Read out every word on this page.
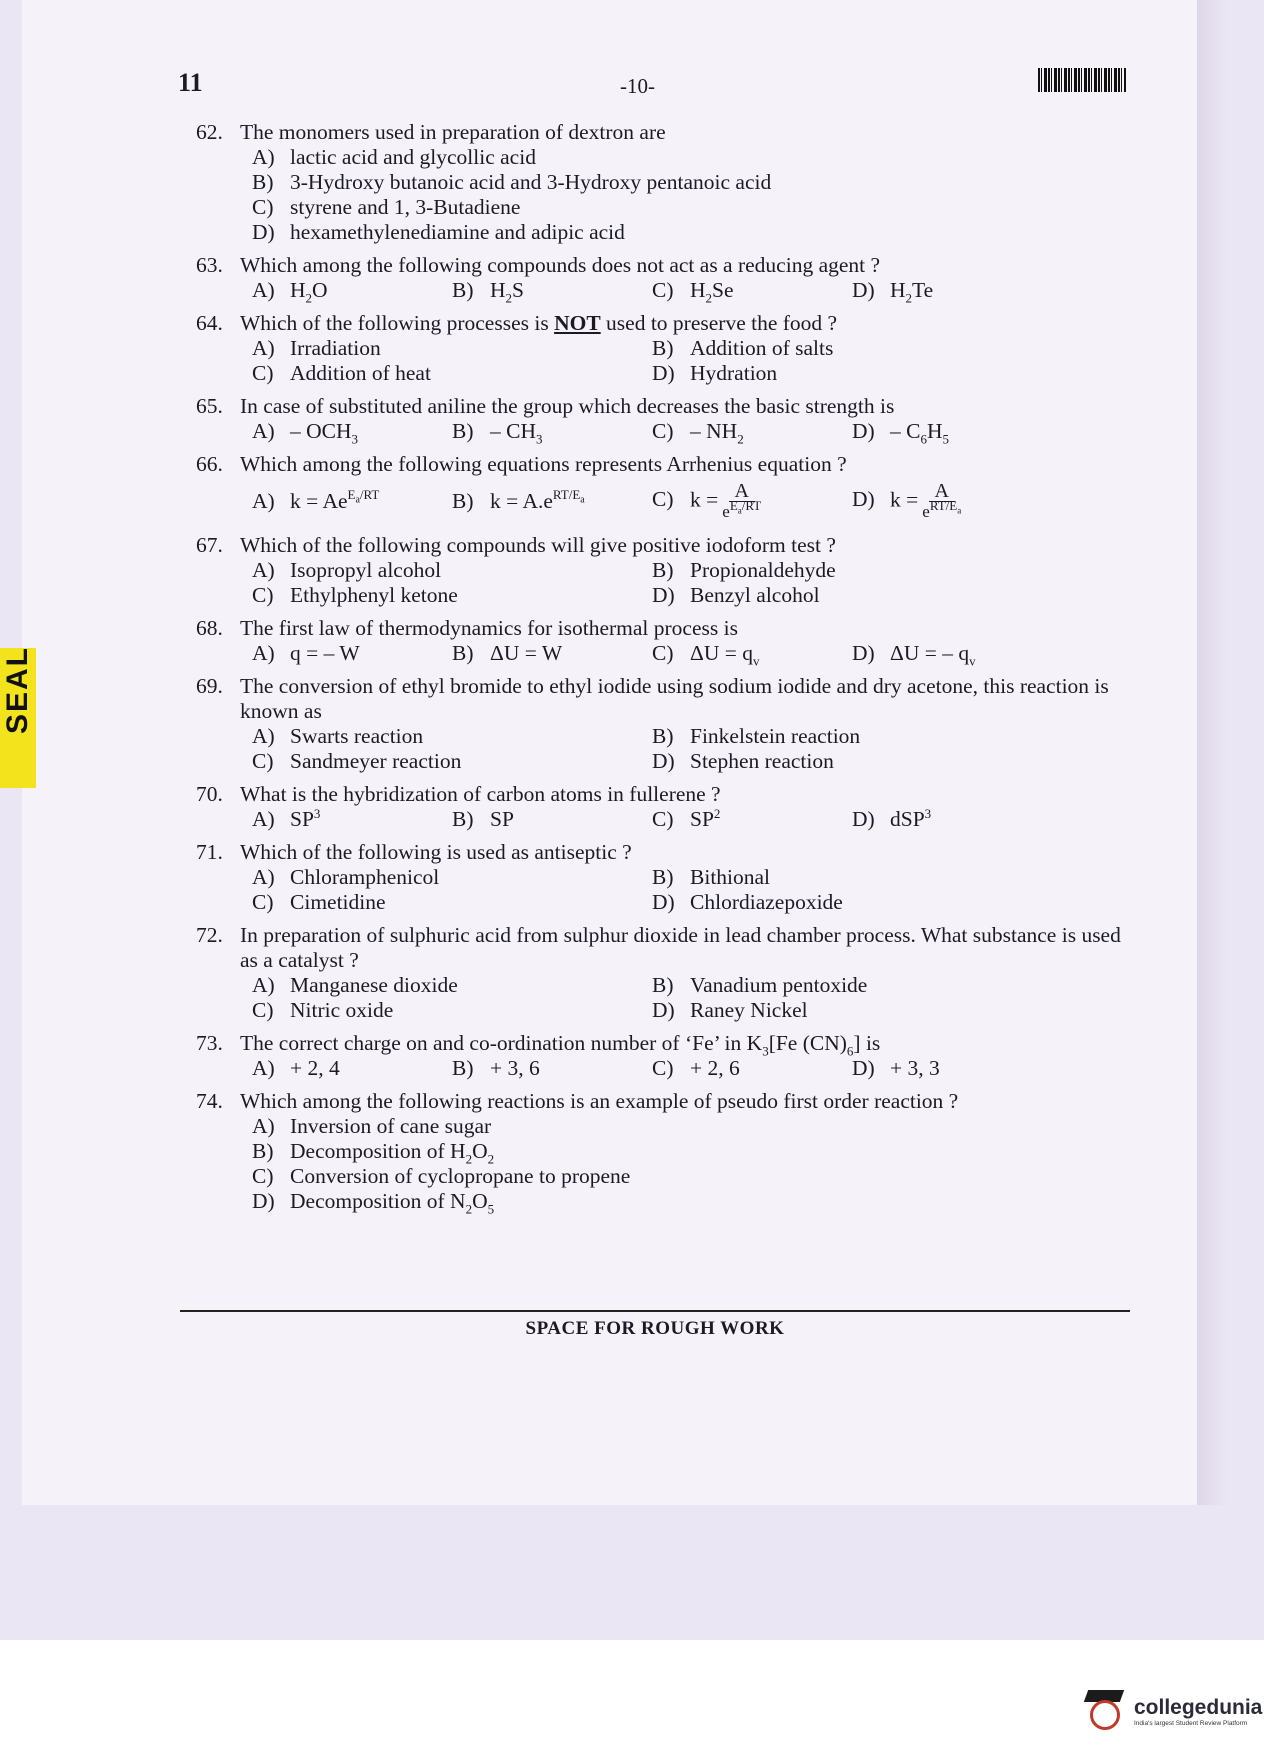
SEAL
11	-10-
62. The monomers used in preparation of dextron are
A) lactic acid and glycollic acid
B) 3-Hydroxy butanoic acid and 3-Hydroxy pentanoic acid
C) styrene and 1, 3-Butadiene
D) hexamethylenediamine and adipic acid
63. Which among the following compounds does not act as a reducing agent ?
A) $H_2O$	B) $H_2S$	C) $H_2Se$	D) $H_2Te$
64. Which of the following processes is NOT used to preserve the food ?
A) Irradiation	B) Addition of salts
C) Addition of heat	D) Hydration
65. In case of substituted aniline the group which decreases the basic strength is
$A) - OCH_3$	$B) - CH_3$	$C) - NH_2$	$D) - C_6H_5$
66. Which among the following equations represents Arrhenius equation ?
A) $k = Ae^{E_a/RT}$	B) $k = A.e^{RT/E_a}$	C) $k = \frac{A}{e^{E_a/RT}}$	D) $k = \frac{A}{e^{RT/E_a}}$
67. Which of the following compounds will give positive iodoform test ?
A) Isopropyl alcohol	B) Propionaldehyde
C) Ethylphenyl ketone	D) Benzyl alcohol
68. The first law of thermodynamics for isothermal process is
A) q = – W	B) ΔU = W	C) $\Delta U = q_v$	D) ΔU = – $q_v$
69. The conversion of ethyl bromide to ethyl iodide using sodium iodide and dry acetone, this reaction is known as
A) Swarts reaction	B) Finkelstein reaction
C) Sandmeyer reaction	D) Stephen reaction
70. What is the hybridization of carbon atoms in fullerene ?
A) $SP^3$	B) SP	C) $SP^2$	D) dSP$^3$
71. Which of the following is used as antiseptic ?
A) Chloramphenicol	B) Bithional
C) Cimetidine	D) Chlordiazepoxide
72. In preparation of sulphuric acid from sulphur dioxide in lead chamber process. What substance is used as a catalyst ?
A) Manganese dioxide	B) Vanadium pentoxide
C) Nitric oxide	D) Raney Nickel
73. The correct charge on and co-ordination number of ‘Fe’ in $K_3[Fe$ $(CN)_6$] is
A) + 2, 4	B) + 3, 6	C) + 2, 6	D) + 3, 3
74. Which among the following reactions is an example of pseudo first order reaction ?
A) Inversion of cane sugar
B) Decomposition of $H_2O_2$
C) Conversion of cyclopropane to propene
D) Decomposition of $N_2O_5$
SPACE FOR ROUGH WORK
collegedunia
India's largest Student Review Platform
